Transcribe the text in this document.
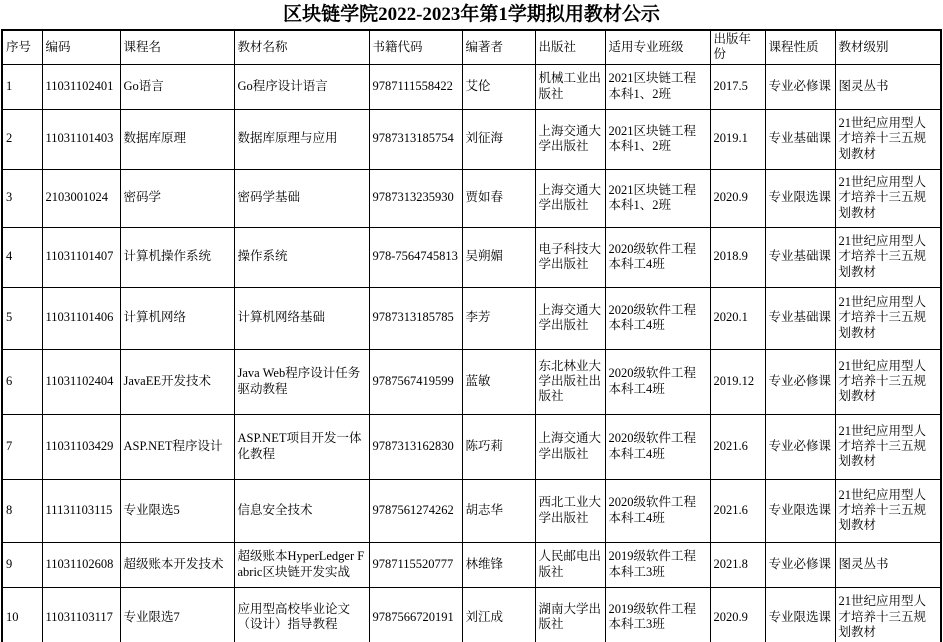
区块链学院2022-2023年第1学期拟用教材公示
序号	编码	课程名	教材名称	书籍代码	编著者	出版社	适用专业班级	出版年份	课程性质	教材级别
1	11031102401	Go语言	Go程序设计语言	9787111558422	艾伦	机械工业出版社	2021区块链工程本科1、2班	2017.5	专业必修课	图灵丛书
2	11031101403	数据库原理	数据库原理与应用	9787313185754	刘征海	上海交通大学出版社	2021区块链工程本科1、2班	2019.1	专业基础课	21世纪应用型人才培养十三五规划教材
3	2103001024	密码学	密码学基础	9787313235930	贾如春	上海交通大学出版社	2021区块链工程本科1、2班	2020.9	专业限选课	21世纪应用型人才培养十三五规划教材
4	11031101407	计算机操作系统	操作系统	978-7564745813	吴朔媚	电子科技大学出版社	2020级软件工程本科工4班	2018.9	专业基础课	21世纪应用型人才培养十三五规划教材
5	11031101406	计算机网络	计算机网络基础	9787313185785	李芳	上海交通大学出版社	2020级软件工程本科工4班	2020.1	专业基础课	21世纪应用型人才培养十三五规划教材
6	11031102404	JavaEE开发技术	Java Web程序设计任务驱动教程	9787567419599	蓝敏	东北林业大学出版社出版社	2020级软件工程本科工4班	2019.12	专业必修课	21世纪应用型人才培养十三五规划教材
7	11031103429	ASP.NET程序设计	ASP.NET项目开发一体化教程	9787313162830	陈巧莉	上海交通大学出版社	2020级软件工程本科工4班	2021.6	专业必修课	21世纪应用型人才培养十三五规划教材
8	11131103115	专业限选5	信息安全技术	9787561274262	胡志华	西北工业大学出版社	2020级软件工程本科工4班	2021.6	专业限选课	21世纪应用型人才培养十三五规划教材
9	11031102608	超级账本开发技术	超级账本HyperLedger Fabric区块链开发实战	9787115520777	林维锋	人民邮电出版社	2019级软件工程本科工3班	2021.8	专业必修课	图灵丛书
10	11031103117	专业限选7	应用型高校毕业论文（设计）指导教程	9787566720191	刘江成	湖南大学出版社	2019级软件工程本科工3班	2020.9	专业限选课	21世纪应用型人才培养十三五规划教材
